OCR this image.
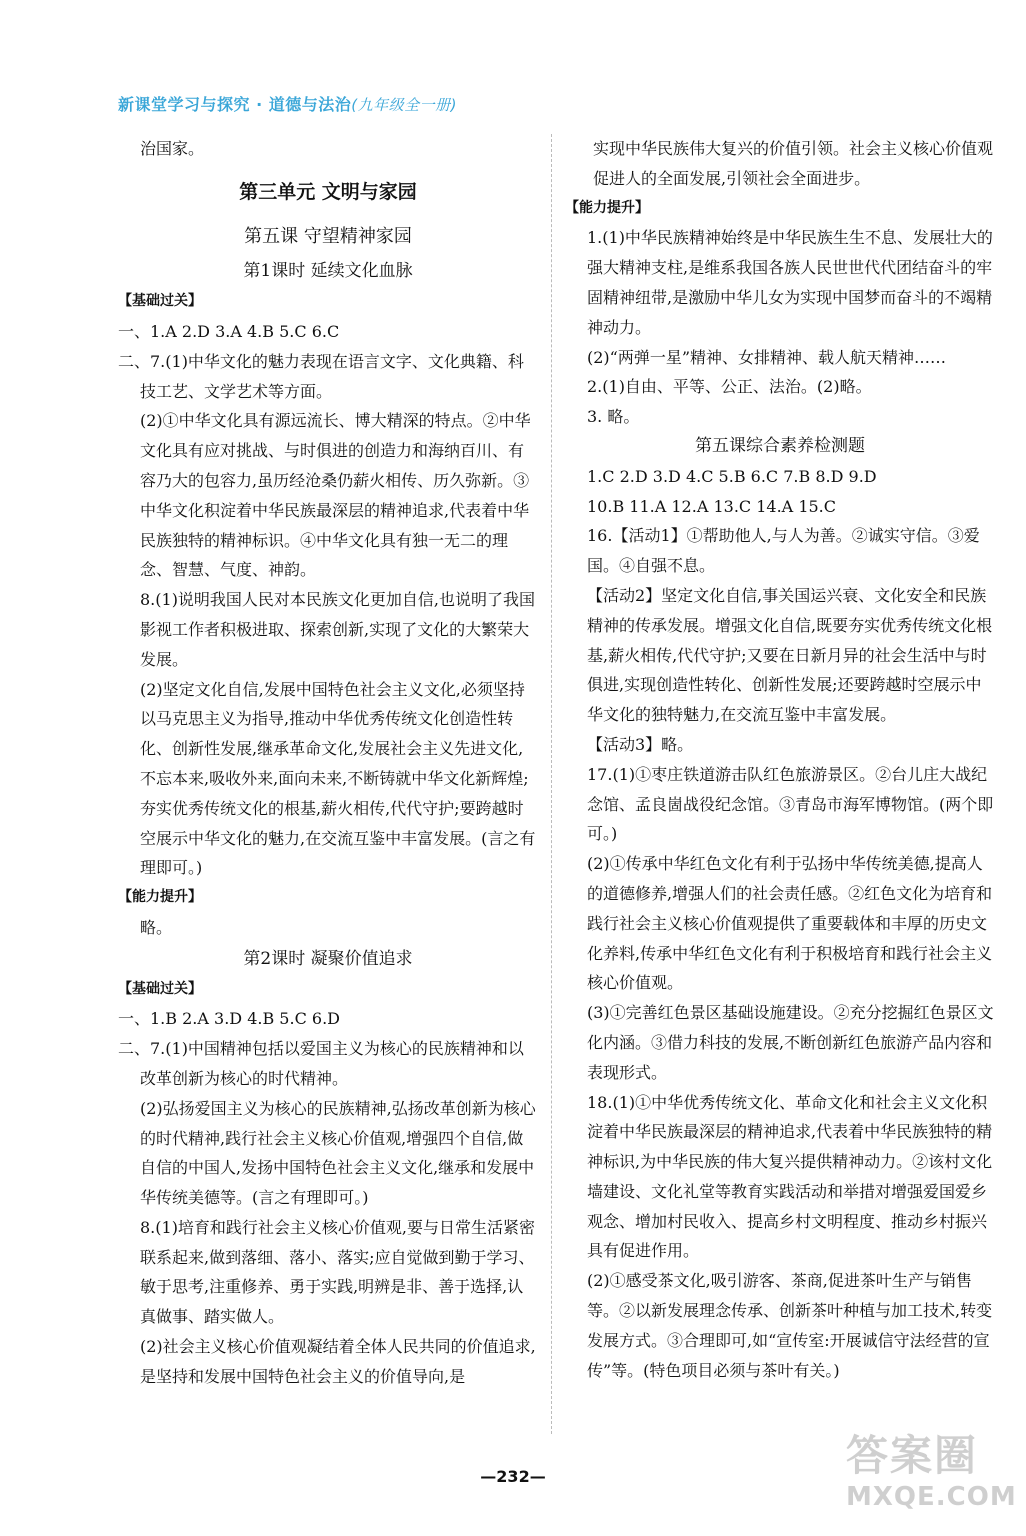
新课堂学习与探究 · 道德与法治(九年级全一册)

治国家。

第三单元 文明与家园

第五课 守望精神家园

第1课时 延续文化血脉

【基础过关】

一、1.A 2.D 3.A 4.B 5.C 6.C

二、7.(1)中华文化的魅力表现在语言文字、文化典籍、科技工艺、文学艺术等方面。

(2)①中华文化具有源远流长、博大精深的特点。②中华文化具有应对挑战、与时俱进的创造力和海纳百川、有容乃大的包容力,虽历经沧桑仍薪火相传、历久弥新。③中华文化积淀着中华民族最深层的精神追求,代表着中华民族独特的精神标识。④中华文化具有独一无二的理念、智慧、气度、神韵。

8.(1)说明我国人民对本民族文化更加自信,也说明了我国影视工作者积极进取、探索创新,实现了文化的大繁荣大发展。

(2)坚定文化自信,发展中国特色社会主义文化,必须坚持以马克思主义为指导,推动中华优秀传统文化创造性转化、创新性发展,继承革命文化,发展社会主义先进文化,不忘本来,吸收外来,面向未来,不断铸就中华文化新辉煌;夯实优秀传统文化的根基,薪火相传,代代守护;要跨越时空展示中华文化的魅力,在交流互鉴中丰富发展。(言之有理即可。)

【能力提升】

略。

第2课时 凝聚价值追求

【基础过关】

一、1.B 2.A 3.D 4.B 5.C 6.D

二、7.(1)中国精神包括以爱国主义为核心的民族精神和以改革创新为核心的时代精神。

(2)弘扬爱国主义为核心的民族精神,弘扬改革创新为核心的时代精神,践行社会主义核心价值观,增强四个自信,做自信的中国人,发扬中国特色社会主义文化,继承和发展中华传统美德等。(言之有理即可。)

8.(1)培育和践行社会主义核心价值观,要与日常生活紧密联系起来,做到落细、落小、落实;应自觉做到勤于学习、敏于思考,注重修养、勇于实践,明辨是非、善于选择,认真做事、踏实做人。

(2)社会主义核心价值观凝结着全体人民共同的价值追求,是坚持和发展中国特色社会主义的价值导向,是

实现中华民族伟大复兴的价值引领。社会主义核心价值观促进人的全面发展,引领社会全面进步。

【能力提升】

1.(1)中华民族精神始终是中华民族生生不息、发展壮大的强大精神支柱,是维系我国各族人民世世代代团结奋斗的牢固精神纽带,是激励中华儿女为实现中国梦而奋斗的不竭精神动力。

(2)“两弹一星”精神、女排精神、载人航天精神……

2.(1)自由、平等、公正、法治。(2)略。

3. 略。

第五课综合素养检测题

1.C 2.D 3.D 4.C 5.B 6.C 7.B 8.D 9.D

10.B 11.A 12.A 13.C 14.A 15.C

16.【活动1】①帮助他人,与人为善。②诚实守信。③爱国。④自强不息。

【活动2】坚定文化自信,事关国运兴衰、文化安全和民族精神的传承发展。增强文化自信,既要夯实优秀传统文化根基,薪火相传,代代守护;又要在日新月异的社会生活中与时俱进,实现创造性转化、创新性发展;还要跨越时空展示中华文化的独特魅力,在交流互鉴中丰富发展。

【活动3】略。

17.(1)①枣庄铁道游击队红色旅游景区。②台儿庄大战纪念馆、孟良崮战役纪念馆。③青岛市海军博物馆。(两个即可。)

(2)①传承中华红色文化有利于弘扬中华传统美德,提高人的道德修养,增强人们的社会责任感。②红色文化为培育和践行社会主义核心价值观提供了重要载体和丰厚的历史文化养料,传承中华红色文化有利于积极培育和践行社会主义核心价值观。

(3)①完善红色景区基础设施建设。②充分挖掘红色景区文化内涵。③借力科技的发展,不断创新红色旅游产品内容和表现形式。

18.(1)①中华优秀传统文化、革命文化和社会主义文化积淀着中华民族最深层的精神追求,代表着中华民族独特的精神标识,为中华民族的伟大复兴提供精神动力。②该村文化墙建设、文化礼堂等教育实践活动和举措对增强爱国爱乡观念、增加村民收入、提高乡村文明程度、推动乡村振兴具有促进作用。

(2)①感受茶文化,吸引游客、茶商,促进茶叶生产与销售等。②以新发展理念传承、创新茶叶种植与加工技术,转变发展方式。③合理即可,如“宣传室:开展诚信守法经营的宣传”等。(特色项目必须与茶叶有关。)

—232—	答案圈
MXQE.COM
